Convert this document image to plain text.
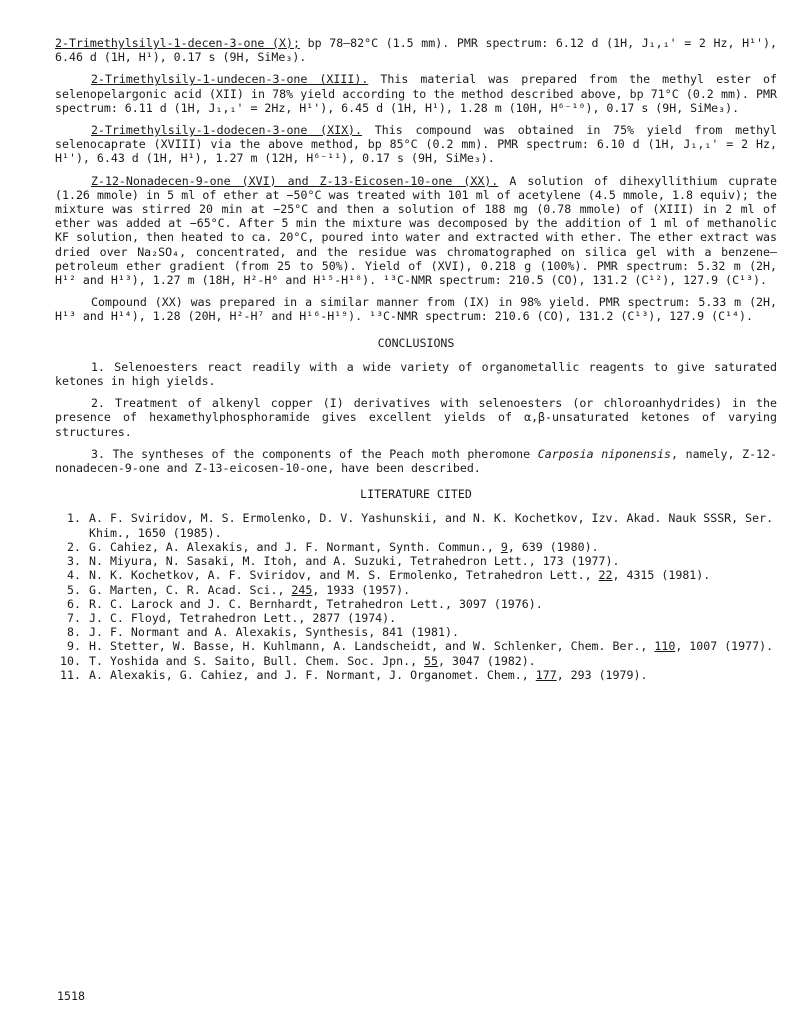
2-Trimethylsilyl-1-decen-3-one (X); bp 78–82°C (1.5 mm). PMR spectrum: 6.12 d (1H, J₁,₁' = 2 Hz, H¹'), 6.46 d (1H, H¹), 0.17 s (9H, SiMe₃).

2-Trimethylsily-1-undecen-3-one (XIII). This material was prepared from the methyl ester of selenopelargonic acid (XII) in 78% yield according to the method described above, bp 71°C (0.2 mm). PMR spectrum: 6.11 d (1H, J₁,₁' = 2Hz, H¹'), 6.45 d (1H, H¹), 1.28 m (10H, H⁶⁻¹⁰), 0.17 s (9H, SiMe₃).

2-Trimethylsily-1-dodecen-3-one (XIX). This compound was obtained in 75% yield from methyl selenocaprate (XVIII) via the above method, bp 85°C (0.2 mm). PMR spectrum: 6.10 d (1H, J₁,₁' = 2 Hz, H¹'), 6.43 d (1H, H¹), 1.27 m (12H, H⁶⁻¹¹), 0.17 s (9H, SiMe₃).

Z-12-Nonadecen-9-one (XVI) and Z-13-Eicosen-10-one (XX). A solution of dihexyllithium cuprate (1.26 mmole) in 5 ml of ether at −50°C was treated with 101 ml of acetylene (4.5 mmole, 1.8 equiv); the mixture was stirred 20 min at −25°C and then a solution of 188 mg (0.78 mmole) of (XIII) in 2 ml of ether was added at −65°C. After 5 min the mixture was decomposed by the addition of 1 ml of methanolic KF solution, then heated to ca. 20°C, poured into water and extracted with ether. The ether extract was dried over Na₂SO₄, concentrated, and the residue was chromatographed on silica gel with a benzene–petroleum ether gradient (from 25 to 50%). Yield of (XVI), 0.218 g (100%). PMR spectrum: 5.32 m (2H, H¹² and H¹³), 1.27 m (18H, H²-H⁶ and H¹⁵-H¹⁸). ¹³C-NMR spectrum: 210.5 (CO), 131.2 (C¹²), 127.9 (C¹³).

Compound (XX) was prepared in a similar manner from (IX) in 98% yield. PMR spectrum: 5.33 m (2H, H¹³ and H¹⁴), 1.28 (20H, H²-H⁷ and H¹⁶-H¹⁹). ¹³C-NMR spectrum: 210.6 (CO), 131.2 (C¹³), 127.9 (C¹⁴).

CONCLUSIONS

1. Selenoesters react readily with a wide variety of organometallic reagents to give saturated ketones in high yields.

2. Treatment of alkenyl copper (I) derivatives with selenoesters (or chloroanhydrides) in the presence of hexamethylphosphoramide gives excellent yields of α,β-unsaturated ketones of varying structures.

3. The syntheses of the components of the Peach moth pheromone Carposia niponensis, namely, Z-12-nonadecen-9-one and Z-13-eicosen-10-one, have been described.

LITERATURE CITED
1. A. F. Sviridov, M. S. Ermolenko, D. V. Yashunskii, and N. K. Kochetkov, Izv. Akad. Nauk SSSR, Ser. Khim., 1650 (1985).
2. G. Cahiez, A. Alexakis, and J. F. Normant, Synth. Commun., 9, 639 (1980).
3. N. Miyura, N. Sasaki, M. Itoh, and A. Suzuki, Tetrahedron Lett., 173 (1977).
4. N. K. Kochetkov, A. F. Sviridov, and M. S. Ermolenko, Tetrahedron Lett., 22, 4315 (1981).
5. G. Marten, C. R. Acad. Sci., 245, 1933 (1957).
6. R. C. Larock and J. C. Bernhardt, Tetrahedron Lett., 3097 (1976).
7. J. C. Floyd, Tetrahedron Lett., 2877 (1974).
8. J. F. Normant and A. Alexakis, Synthesis, 841 (1981).
9. H. Stetter, W. Basse, H. Kuhlmann, A. Landscheidt, and W. Schlenker, Chem. Ber., 110, 1007 (1977).
10. T. Yoshida and S. Saito, Bull. Chem. Soc. Jpn., 55, 3047 (1982).
11. A. Alexakis, G. Cahiez, and J. F. Normant, J. Organomet. Chem., 177, 293 (1979).
1518
